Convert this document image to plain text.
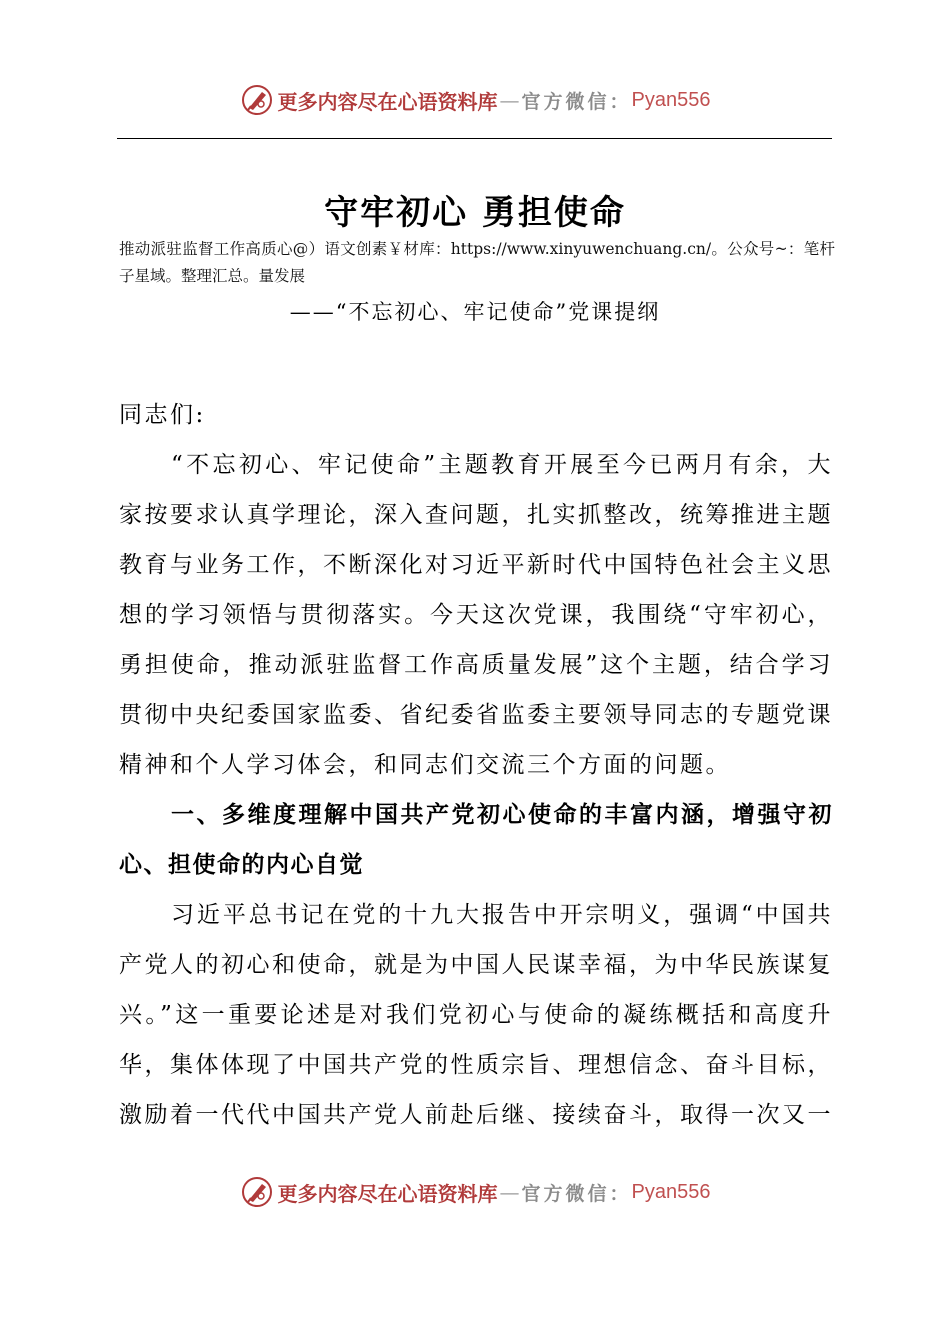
更多内容尽在心语资料库 — 官方微信： Pyan556
守牢初心 勇担使命
推动派驻监督工作高质心@）语文创素￥材库：https://www.xinyuwenchuang.cn/。公众号~：笔杆子星域。整理汇总。量发展
——“不忘初心、牢记使命”党课提纲

同志们:

“不忘初心、牢记使命”主题教育开展至今已两月有余，大家按要求认真学理论，深入查问题，扎实抓整改，统筹推进主题教育与业务工作，不断深化对习近平新时代中国特色社会主义思想的学习领悟与贯彻落实。今天这次党课，我围绕“守牢初心，勇担使命，推动派驻监督工作高质量发展”这个主题，结合学习贯彻中央纪委国家监委、省纪委省监委主要领导同志的专题党课精神和个人学习体会，和同志们交流三个方面的问题。

一、多维度理解中国共产党初心使命的丰富内涵，增强守初心、担使命的内心自觉

习近平总书记在党的十九大报告中开宗明义，强调“中国共产党人的初心和使命，就是为中国人民谋幸福，为中华民族谋复兴。”这一重要论述是对我们党初心与使命的凝练概括和高度升华，集体体现了中国共产党的性质宗旨、理想信念、奋斗目标，激励着一代代中国共产党人前赴后继、接续奋斗，取得一次又一

更多内容尽在心语资料库 — 官方微信： Pyan556
